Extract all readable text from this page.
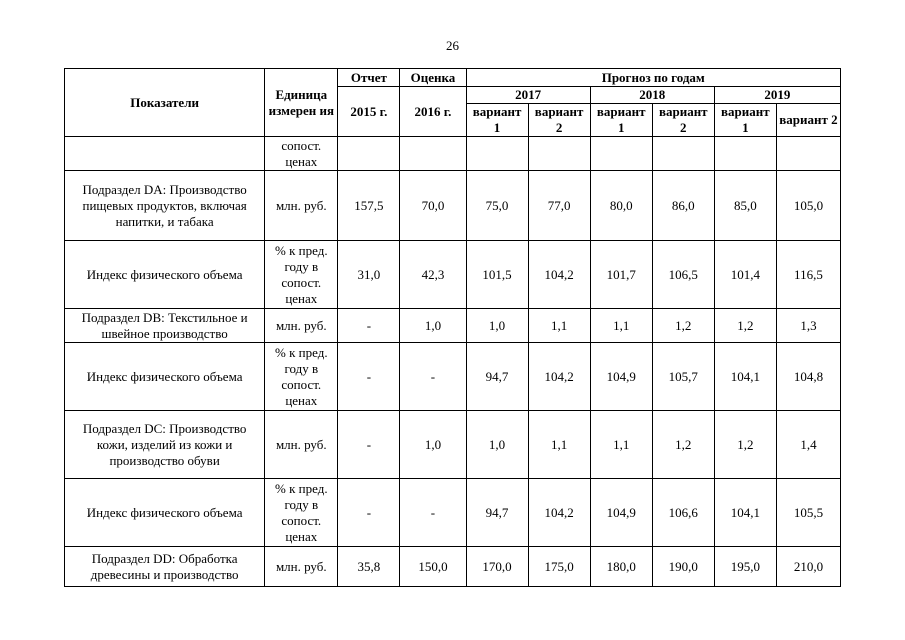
26
Показатели	Единица измерен ия	Отчет	Оценка	Прогноз по годам					
		2015 г.	2016 г.	2017		2018		2019	
				вариант 1	вариант 2	вариант 1	вариант 2	вариант 1	вариант 2
	сопост. ценах								
Подраздел DA: Производство пищевых продуктов, включая напитки, и табака	млн. руб.	157,5	70,0	75,0	77,0	80,0	86,0	85,0	105,0
Индекс физического объема	% к пред. году в сопост. ценах	31,0	42,3	101,5	104,2	101,7	106,5	101,4	116,5
Подраздел DB: Текстильное и швейное производство	млн. руб.	-	1,0	1,0	1,1	1,1	1,2	1,2	1,3
Индекс физического объема	% к пред. году в сопост. ценах	-	-	94,7	104,2	104,9	105,7	104,1	104,8
Подраздел DC: Производство кожи, изделий из кожи и производство обуви	млн. руб.	-	1,0	1,0	1,1	1,1	1,2	1,2	1,4
Индекс физического объема	% к пред. году в сопост. ценах	-	-	94,7	104,2	104,9	106,6	104,1	105,5
Подраздел DD: Обработка древесины и производство	млн. руб.	35,8	150,0	170,0	175,0	180,0	190,0	195,0	210,0
